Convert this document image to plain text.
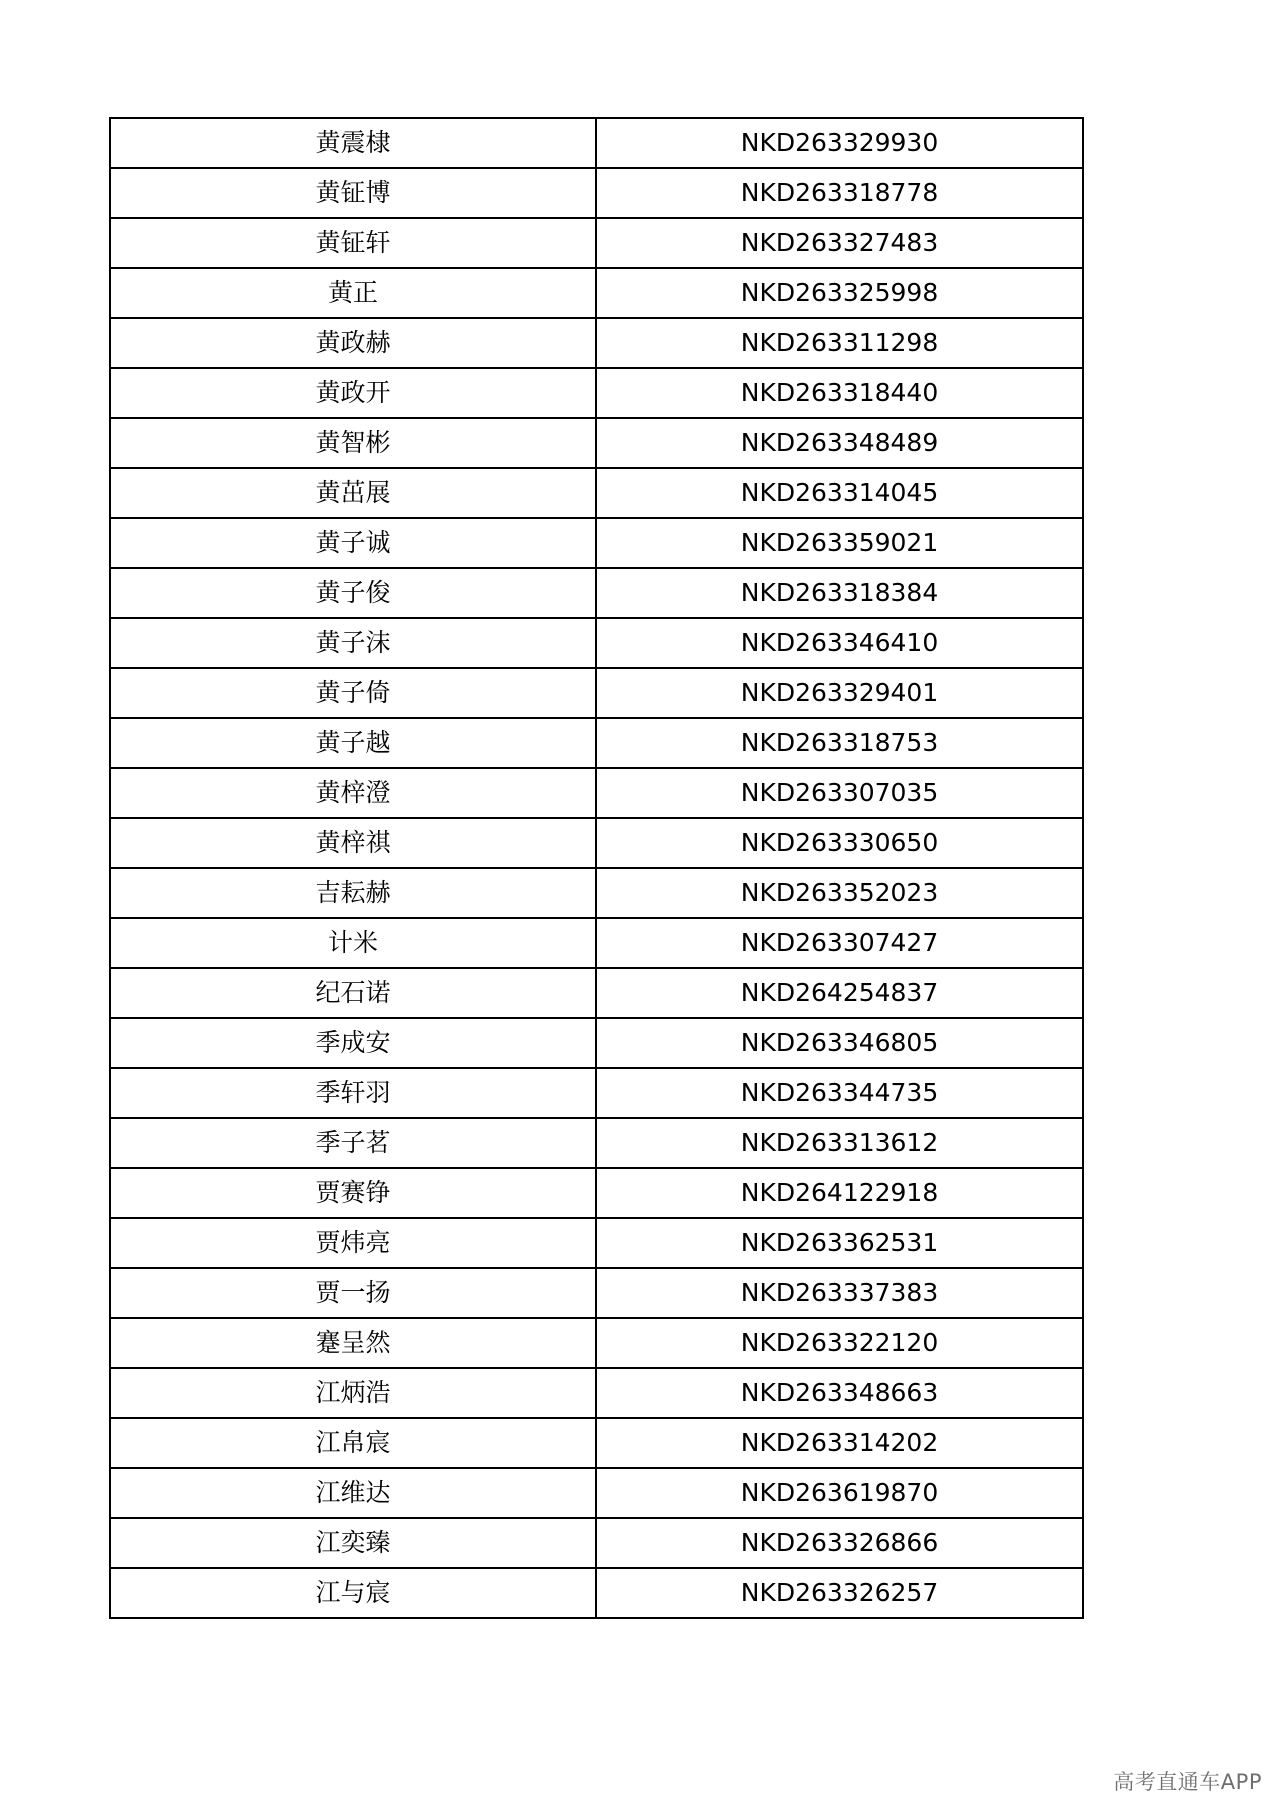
黄震棣	NKD263329930
黄钲博	NKD263318778
黄钲轩	NKD263327483
黄正	NKD263325998
黄政赫	NKD263311298
黄政开	NKD263318440
黄智彬	NKD263348489
黄茁展	NKD263314045
黄子诚	NKD263359021
黄子俊	NKD263318384
黄子沫	NKD263346410
黄子倚	NKD263329401
黄子越	NKD263318753
黄梓澄	NKD263307035
黄梓祺	NKD263330650
吉耘赫	NKD263352023
计米	NKD263307427
纪石诺	NKD264254837
季成安	NKD263346805
季轩羽	NKD263344735
季子茗	NKD263313612
贾赛铮	NKD264122918
贾炜亮	NKD263362531
贾一扬	NKD263337383
蹇呈然	NKD263322120
江炳浩	NKD263348663
江帛宸	NKD263314202
江维达	NKD263619870
江奕臻	NKD263326866
江与宸	NKD263326257
高考直通车APP
